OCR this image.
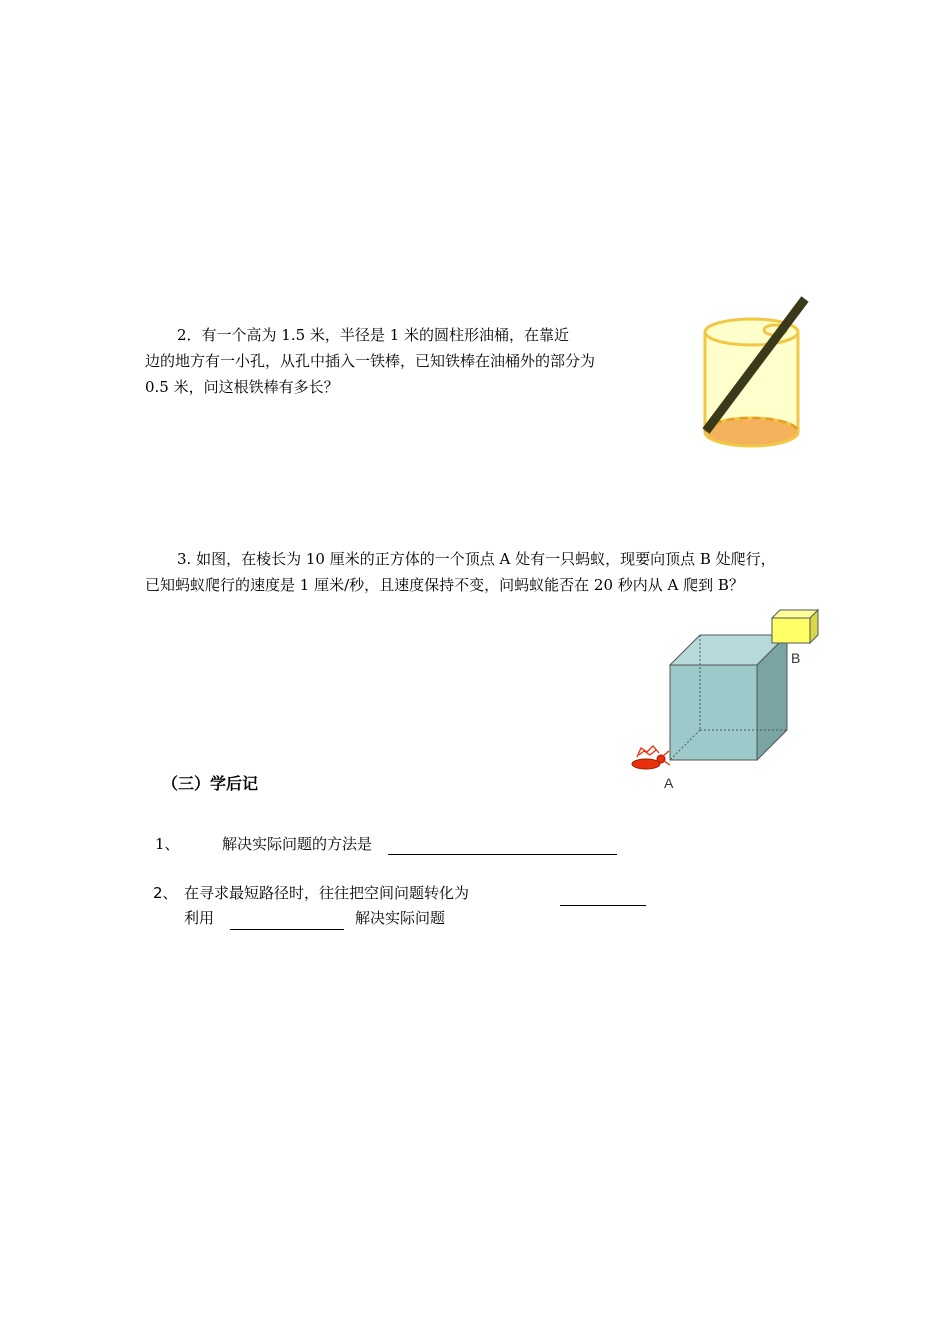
2．有一个高为 1.5 米，半径是 1 米的圆柱形油桶，在靠近
边的地方有一小孔，从孔中插入一铁棒，已知铁棒在油桶外的部分为
0.5 米，问这根铁棒有多长？
3. 如图，在棱长为 10 厘米的正方体的一个顶点 A 处有一只蚂蚁，现要向顶点 B 处爬行，
已知蚂蚁爬行的速度是 1 厘米/秒，且速度保持不变，问蚂蚁能否在 20 秒内从 A 爬到 B？
B
A
（三）学后记
1、	解决实际问题的方法是
2、 在寻求最短路径时，往往把空间问题转化为
利用	解决实际问题
